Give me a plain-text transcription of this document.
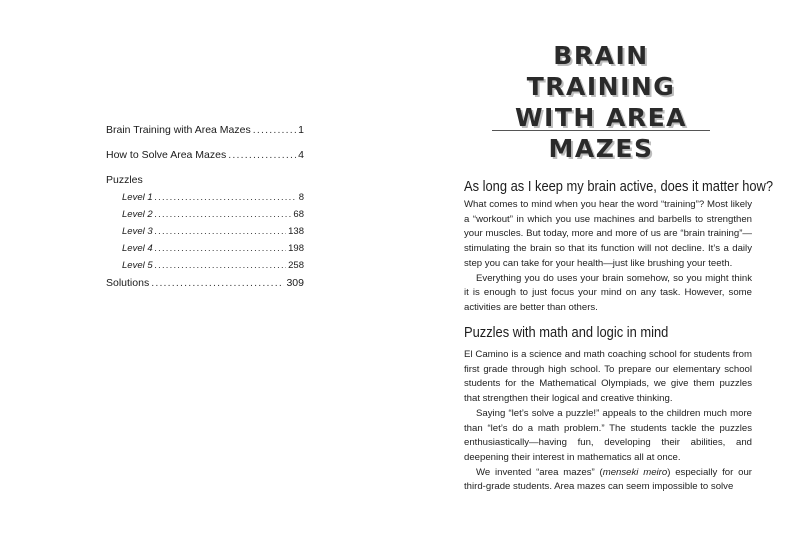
Brain Training with Area Mazes .....	1
How to Solve Area Mazes .....	4
Puzzles
Level 1 .....	8
Level 2 .....	68
Level 3 .....	138
Level 4 .....	198
Level 5 .....	258
Solutions .....	309
BRAIN TRAINING
WITH AREA MAZES
As long as I keep my brain active, does it matter how?

What comes to mind when you hear the word “training”? Most likely a “workout” in which you use machines and barbells to strengthen your muscles. But today, more and more of us are “brain training”—stimulating the brain so that its function will not decline. It’s a daily step you can take for your health—just like brushing your teeth.

Everything you do uses your brain somehow, so you might think it is enough to just focus your mind on any task. However, some activities are better than others.

Puzzles with math and logic in mind

El Camino is a science and math coaching school for students from first grade through high school. To prepare our elementary school students for the Mathematical Olympiads, we give them puzzles that strengthen their logical and creative thinking.

Saying “let’s solve a puzzle!” appeals to the children much more than “let’s do a math problem.” The students tackle the puzzles enthusiastically—having fun, developing their abilities, and deepening their interest in mathematics all at once.

We invented “area mazes” (menseki meiro) especially for our third-grade students. Area mazes can seem impossible to solve
